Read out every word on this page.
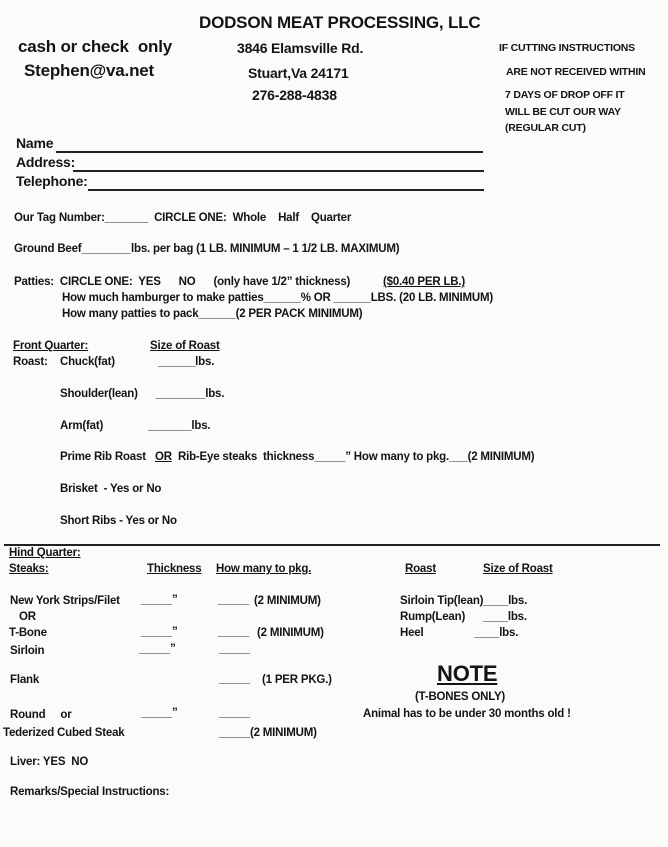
DODSON MEAT PROCESSING, LLC
cash or check  only
Stephen@va.net
3846 Elamsville Rd.
Stuart,Va 24171
276-288-4838
IF CUTTING INSTRUCTIONS
ARE NOT RECEIVED WITHIN
7 DAYS OF DROP OFF IT
WILL BE CUT OUR WAY
(REGULAR CUT)
Name
Address:
Telephone:
Our Tag Number:_______  CIRCLE ONE:  Whole    Half    Quarter
Ground Beef________lbs. per bag (1 LB. MINIMUM – 1 1/2 LB. MAXIMUM)
Patties:  CIRCLE ONE:  YES      NO      (only have 1/2” thickness)	($0.40 PER LB.)
How much hamburger to make patties______% OR ______LBS. (20 LB. MINIMUM)
How many patties to pack______(2 PER PACK MINIMUM)
Front Quarter:	Size of Roast
Roast: Chuck(fat)	______lbs.
Shoulder(lean)      ________lbs.
Arm(fat)               _______lbs.
Prime Rib Roast OR Rib-Eye steaks  thickness_____” How many to pkg.___(2 MINIMUM)
Brisket  - Yes or No
Short Ribs - Yes or No
Hind Quarter:
Steaks:	Thickness How many to pkg.	Roast	Size of Roast
New York Strips/Filet _____”	_____ (2 MINIMUM)
OR
T-Bone	_____”	_____ (2 MINIMUM)
Sirloin	_____”	_____
Flank	_____ (1 PER PKG.)
Round     or	_____”	_____
Tederized Cubed Steak	_____(2 MINIMUM)
Sirloin Tip(lean)____lbs.
Rump(Lean)      ____lbs.
Heel                 ____lbs.
NOTE
(T-BONES ONLY)
Animal has to be under 30 months old !
Liver: YES  NO
Remarks/Special Instructions:
